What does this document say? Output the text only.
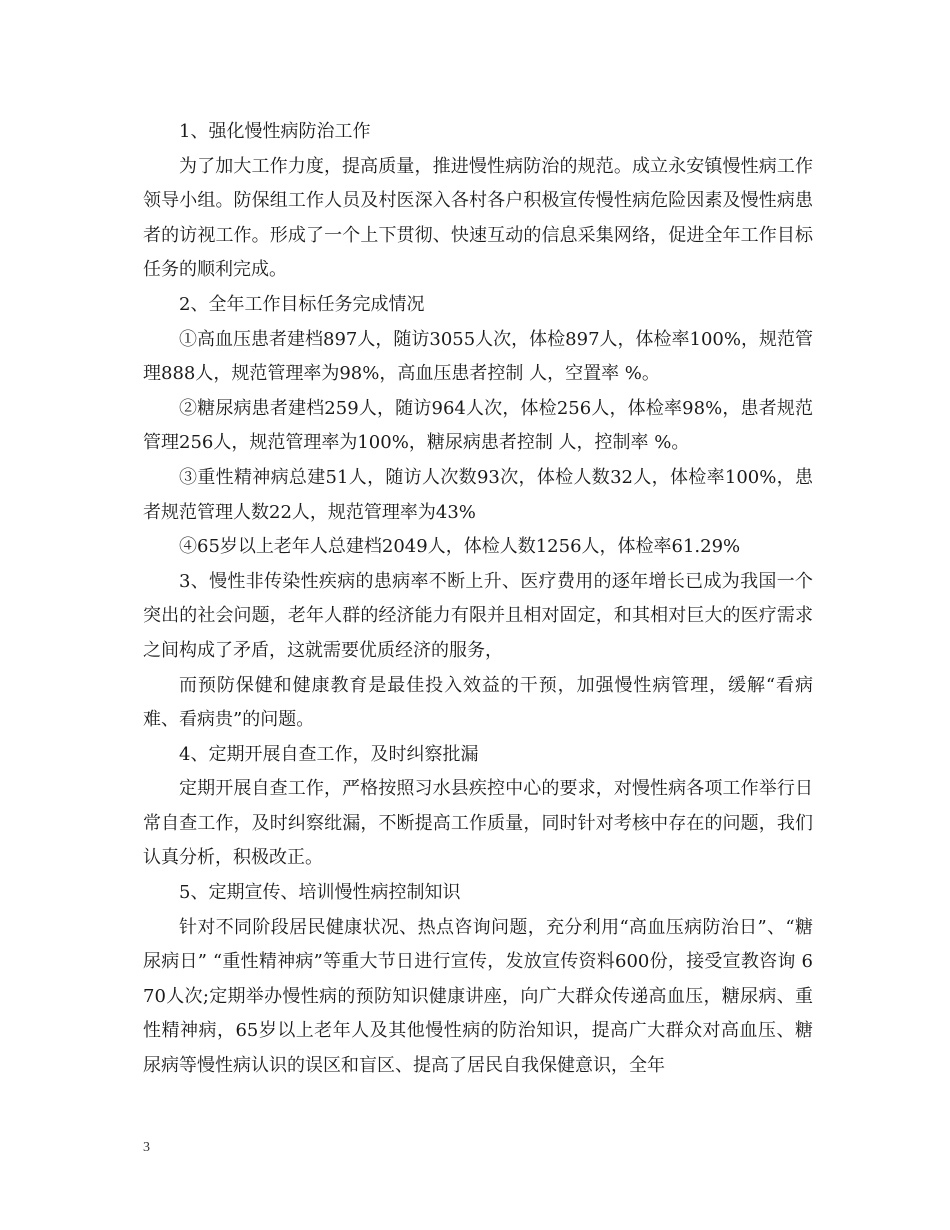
1、强化慢性病防治工作

为了加大工作力度，提高质量，推进慢性病防治的规范。成立永安镇慢性病工作领导小组。防保组工作人员及村医深入各村各户积极宣传慢性病危险因素及慢性病患者的访视工作。形成了一个上下贯彻、快速互动的信息采集网络，促进全年工作目标任务的顺利完成。

2、全年工作目标任务完成情况

①高血压患者建档897人，随访3055人次，体检897人，体检率100%，规范管理888人，规范管理率为98%，高血压患者控制 人，空置率 %。

②糖尿病患者建档259人，随访964人次，体检256人，体检率98%，患者规范管理256人，规范管理率为100%，糖尿病患者控制 人，控制率 %。

③重性精神病总建51人，随访人次数93次，体检人数32人，体检率100%，患者规范管理人数22人，规范管理率为43%

④65岁以上老年人总建档2049人，体检人数1256人，体检率61.29%

3、慢性非传染性疾病的患病率不断上升、医疗费用的逐年增长已成为我国一个突出的社会问题，老年人群的经济能力有限并且相对固定，和其相对巨大的医疗需求之间构成了矛盾，这就需要优质经济的服务，

而预防保健和健康教育是最佳投入效益的干预，加强慢性病管理，缓解“看病难、看病贵”的问题。

4、定期开展自查工作，及时纠察批漏

定期开展自查工作，严格按照习水县疾控中心的要求，对慢性病各项工作举行日常自查工作，及时纠察纰漏，不断提高工作质量，同时针对考核中存在的问题，我们认真分析，积极改正。

5、定期宣传、培训慢性病控制知识

针对不同阶段居民健康状况、热点咨询问题，充分利用“高血压病防治日”、“糖尿病日” “重性精神病”等重大节日进行宣传，发放宣传资料600份，接受宣教咨询 670人次;定期举办慢性病的预防知识健康讲座，向广大群众传递高血压，糖尿病、重性精神病，65岁以上老年人及其他慢性病的防治知识，提高广大群众对高血压、糖尿病等慢性病认识的误区和盲区、提高了居民自我保健意识，全年

3
